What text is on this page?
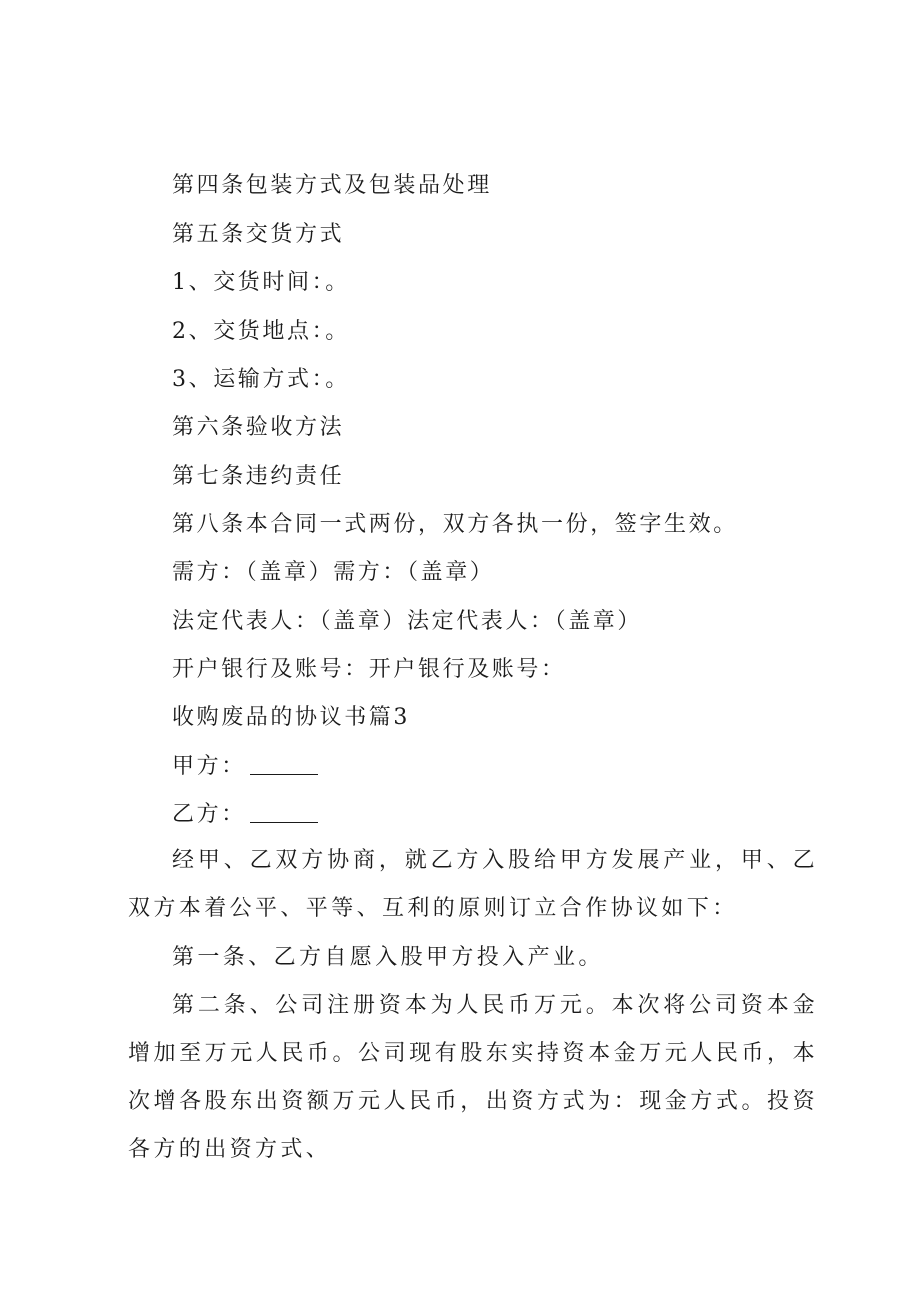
第四条包装方式及包装品处理
第五条交货方式
1、交货时间：。
2、交货地点：。
3、运输方式：。
第六条验收方法
第七条违约责任
第八条本合同一式两份，双方各执一份，签字生效。
需方：（盖章）需方：（盖章）
法定代表人：（盖章）法定代表人：（盖章）
开户银行及账号：开户银行及账号：
收购废品的协议书篇3
甲方：
乙方：
经甲、乙双方协商，就乙方入股给甲方发展产业，甲、乙双方本着公平、平等、互利的原则订立合作协议如下：
第一条、乙方自愿入股甲方投入产业。
第二条、公司注册资本为人民币万元。本次将公司资本金增加至万元人民币。公司现有股东实持资本金万元人民币，本次增各股东出资额万元人民币，出资方式为：现金方式。投资各方的出资方式、
